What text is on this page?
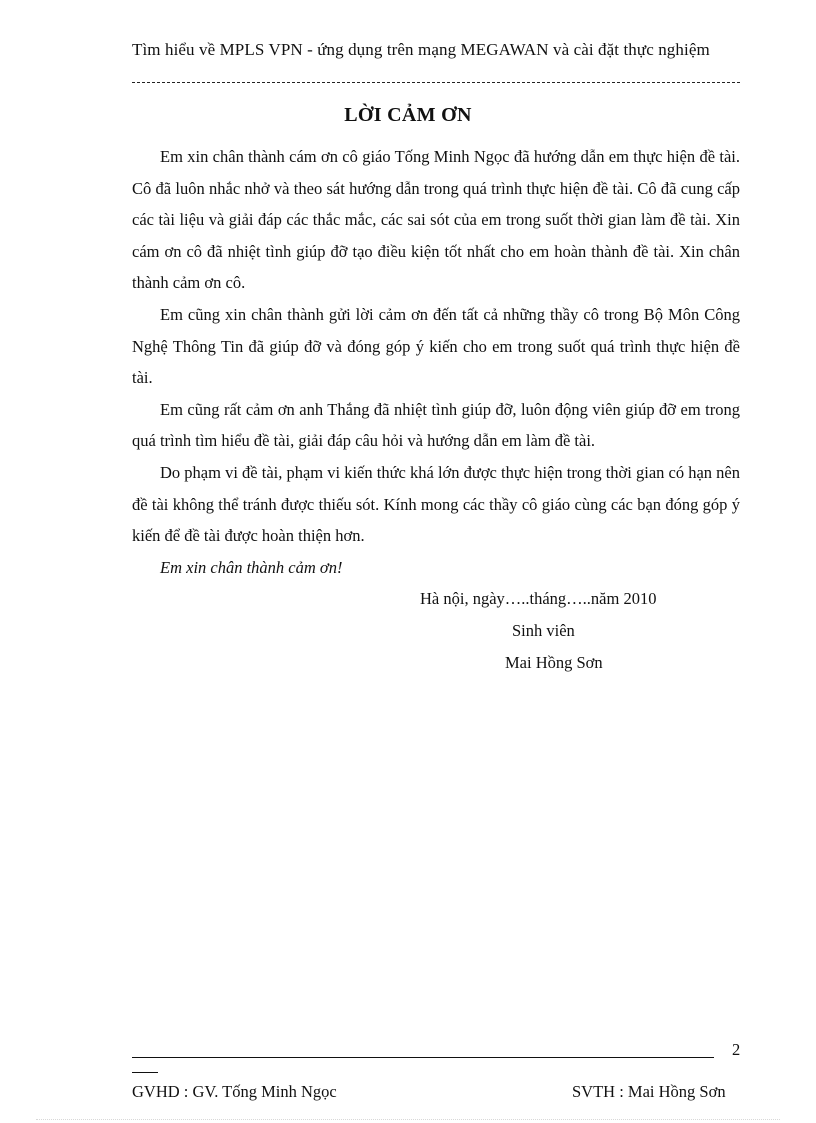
Tìm hiểu về MPLS VPN - ứng dụng trên mạng MEGAWAN và cài đặt thực nghiệm
LỜI CẢM ƠN

Em xin chân thành cám ơn cô giáo Tống Minh Ngọc đã hướng dẫn em thực hiện đề tài. Cô đã luôn nhắc nhở và theo sát hướng dẫn trong quá trình thực hiện đề tài. Cô đã cung cấp các tài liệu và giải đáp các thắc mắc, các sai sót của em trong suốt thời gian làm đề tài. Xin cám ơn cô đã nhiệt tình giúp đỡ tạo điều kiện tốt nhất cho em hoàn thành đề tài. Xin chân thành cảm ơn cô.

Em cũng xin chân thành gửi lời cảm ơn đến tất cả những thầy cô trong Bộ Môn Công Nghệ Thông Tin đã giúp đỡ và đóng góp ý kiến cho em trong suốt quá trình thực hiện đề tài.

Em cũng rất cảm ơn anh Thắng đã nhiệt tình giúp đỡ, luôn động viên giúp đỡ em trong quá trình tìm hiểu đề tài, giải đáp câu hỏi và hướng dẫn em làm đề tài.

Do phạm vi đề tài, phạm vi kiến thức khá lớn được thực hiện trong thời gian có hạn nên đề tài không thể tránh được thiếu sót. Kính mong các thầy cô giáo cùng các bạn đóng góp ý kiến để đề tài được hoàn thiện hơn.

Em xin chân thành cảm ơn!

Hà nội, ngày…..tháng…..năm 2010
Sinh viên
Mai Hồng Sơn
2
GVHD : GV. Tống Minh Ngọc	SVTH : Mai Hồng Sơn
